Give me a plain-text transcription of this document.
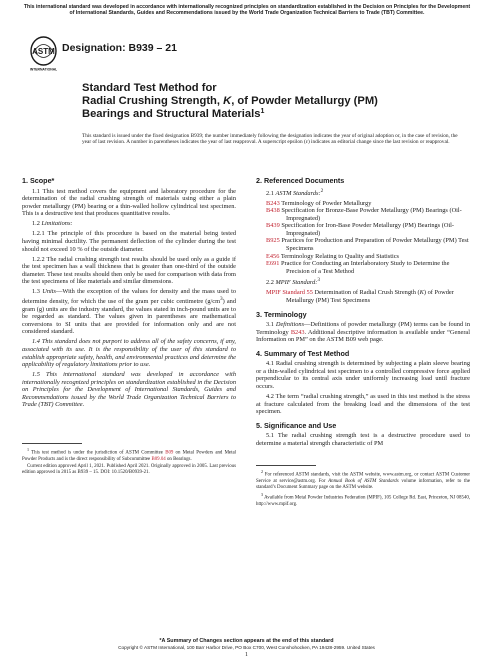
This international standard was developed in accordance with internationally recognized principles on standardization established in the Decision on Principles for the Development of International Standards, Guides and Recommendations issued by the World Trade Organization Technical Barriers to Trade (TBT) Committee.
ASTM
INTERNATIONAL
Designation: B939 – 21
Standard Test Method for
Radial Crushing Strength, K, of Powder Metallurgy (PM)
Bearings and Structural Materials$^1$
This standard is issued under the fixed designation B939; the number immediately following the designation indicates the year of original adoption or, in the case of revision, the year of last revision. A number in parentheses indicates the year of last reapproval. A superscript epsilon (ε) indicates an editorial change since the last revision or reapproval.
1. Scope*

1.1 This test method covers the equipment and laboratory procedure for the determination of the radial crushing strength of materials using either a plain powder metallurgy (PM) bearing or a thin-walled hollow cylindrical test specimen. This is a destructive test that produces quantitative results.

1.2 Limitations:

1.2.1 The principle of this procedure is based on the material being tested having minimal ductility. The permanent deflection of the cylinder during the test should not exceed 10 % of the outside diameter.

1.2.2 The radial crushing strength test results should be used only as a guide if the test specimen has a wall thickness that is greater than one-third of the outside diameter. These test results should then only be used for comparison with data from the test specimens of like materials and similar dimensions.

1.3 Units—With the exception of the values for density and the mass used to determine density, for which the use of the gram per cubic centimetre $(g/cm^3)$ and gram (g) units are the industry standard, the values stated in inch-pound units are to be regarded as standard. The values given in parentheses are mathematical conversions to SI units that are provided for information only and are not considered standard.

1.4 This standard does not purport to address all of the safety concerns, if any, associated with its use. It is the responsibility of the user of this standard to establish appropriate safety, health, and environmental practices and determine the applicability of regulatory limitations prior to use.

1.5 This international standard was developed in accordance with internationally recognized principles on standardization established in the Decision on Principles for the Development of International Standards, Guides and Recommendations issued by the World Trade Organization Technical Barriers to Trade (TBT) Committee.

$^1$ This test method is under the jurisdiction of ASTM Committee B09 on Metal Powders and Metal Powder Products and is the direct responsibility of Subcommittee B09.04 on Bearings.

Current edition approved April 1, 2021. Published April 2021. Originally approved in 2005. Last previous edition approved in 2015 as B939 – 15. DOI: 10.1520/B0939-21.

2. Referenced Documents

2.1 ASTM Standards:$^2$

B243 Terminology of Powder Metallurgy
B438 Specification for Bronze-Base Powder Metallurgy (PM) Bearings (Oil-Impregnated)
B439 Specification for Iron-Base Powder Metallurgy (PM) Bearings (Oil-Impregnated)
B925 Practices for Production and Preparation of Powder Metallurgy (PM) Test Specimens
E456 Terminology Relating to Quality and Statistics
E691 Practice for Conducting an Interlaboratory Study to Determine the Precision of a Test Method

2.2 MPIF Standard:$^3$

MPIF Standard 55 Determination of Radial Crush Strength (K) of Powder Metallurgy (PM) Test Specimens
3. Terminology

3.1 Definitions—Definitions of powder metallurgy (PM) terms can be found in Terminology B243. Additional descriptive information is available under “General Information on PM” on the ASTM B09 web page.

4. Summary of Test Method

4.1 Radial crushing strength is determined by subjecting a plain sleeve bearing or a thin-walled cylindrical test specimen to a controlled compressive force applied perpendicular to its central axis under uniformly increasing load until fracture occurs.

4.2 The term “radial crushing strength,” as used in this test method is the stress at fracture calculated from the breaking load and the dimensions of the test specimen.

5. Significance and Use

5.1 The radial crushing strength test is a destructive procedure used to determine a material strength characteristic of PM

$^2$ For referenced ASTM standards, visit the ASTM website, www.astm.org, or contact ASTM Customer Service at service@astm.org. For Annual Book of ASTM Standards volume information, refer to the standard’s Document Summary page on the ASTM website.

$^3$ Available from Metal Powder Industries Federation (MPIF), 105 College Rd. East, Princeton, NJ 08540, http://www.mpif.org.

*A Summary of Changes section appears at the end of this standard
Copyright © ASTM International, 100 Barr Harbor Drive, PO Box C700, West Conshohocken, PA 19428-2959. United States
1
